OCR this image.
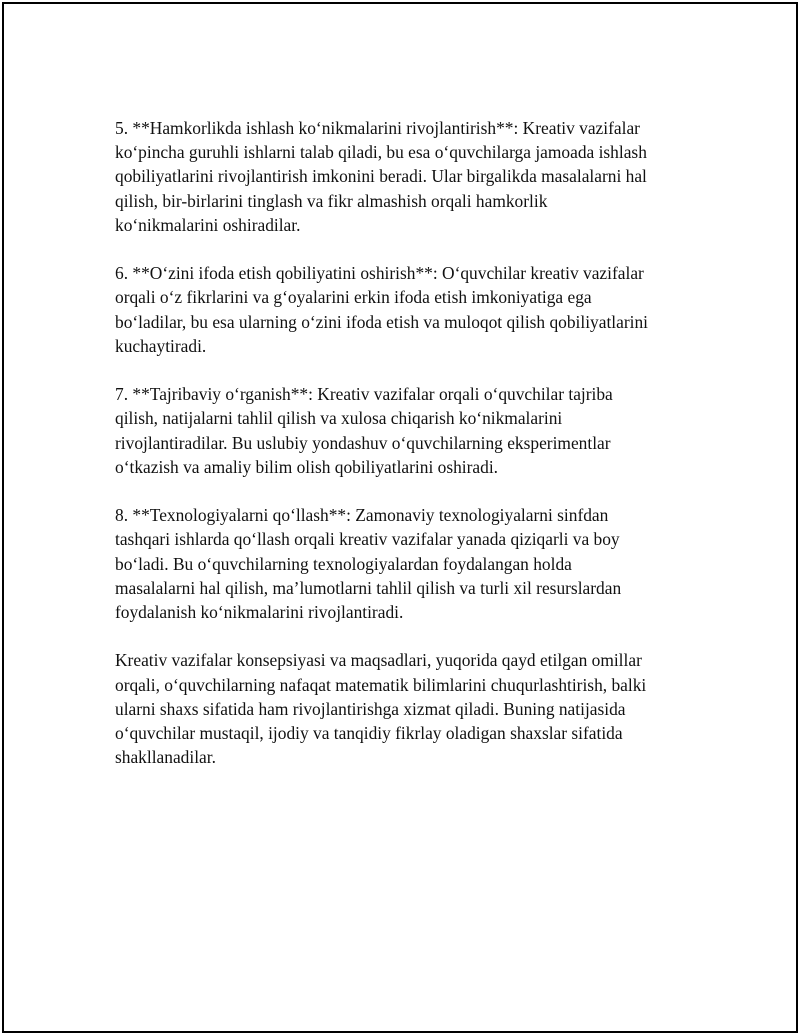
5. **Hamkorlikda ishlash ko‘nikmalarini rivojlantirish**: Kreativ vazifalar
ko‘pincha guruhli ishlarni talab qiladi, bu esa o‘quvchilarga jamoada ishlash
qobiliyatlarini rivojlantirish imkonini beradi. Ular birgalikda masalalarni hal
qilish, bir-birlarini tinglash va fikr almashish orqali hamkorlik
ko‘nikmalarini oshiradilar.

6. **O‘zini ifoda etish qobiliyatini oshirish**: O‘quvchilar kreativ vazifalar
orqali o‘z fikrlarini va g‘oyalarini erkin ifoda etish imkoniyatiga ega
bo‘ladilar, bu esa ularning o‘zini ifoda etish va muloqot qilish qobiliyatlarini
kuchaytiradi.

7. **Tajribaviy o‘rganish**: Kreativ vazifalar orqali o‘quvchilar tajriba
qilish, natijalarni tahlil qilish va xulosa chiqarish ko‘nikmalarini
rivojlantiradilar. Bu uslubiy yondashuv o‘quvchilarning eksperimentlar
o‘tkazish va amaliy bilim olish qobiliyatlarini oshiradi.

8. **Texnologiyalarni qo‘llash**: Zamonaviy texnologiyalarni sinfdan
tashqari ishlarda qo‘llash orqali kreativ vazifalar yanada qiziqarli va boy
bo‘ladi. Bu o‘quvchilarning texnologiyalardan foydalangan holda
masalalarni hal qilish, ma’lumotlarni tahlil qilish va turli xil resurslardan
foydalanish ko‘nikmalarini rivojlantiradi.

Kreativ vazifalar konsepsiyasi va maqsadlari, yuqorida qayd etilgan omillar
orqali, o‘quvchilarning nafaqat matematik bilimlarini chuqurlashtirish, balki
ularni shaxs sifatida ham rivojlantirishga xizmat qiladi. Buning natijasida
o‘quvchilar mustaqil, ijodiy va tanqidiy fikrlay oladigan shaxslar sifatida
shakllanadilar.
